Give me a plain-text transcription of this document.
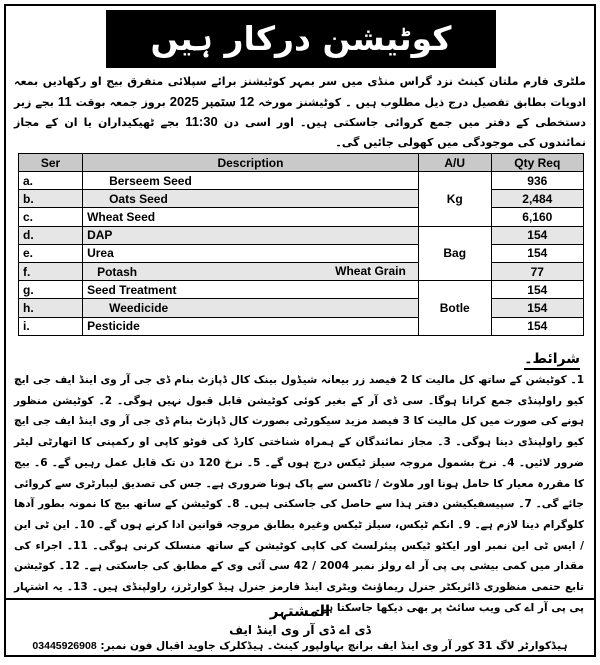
کوٹیشن درکار ہیں
ملٹری فارم ملتان کینٹ نزد گراس منڈی میں سر بمہر کوٹیشنز برائے سپلائی متفرق بیج او رکھادیں بمعہ ادویات بطابق تفصیل درج ذیل مطلوب ہیں ۔ کوٹیشنز مورخہ 12 ستمبر 2025 بروز جمعہ بوقت 11 بجے زیر دستخطی کے دفتر میں جمع کروائی جاسکتی ہیں۔ اور اسی دن 11:30 بجے ٹھیکیداران یا ان کے مجاز نمائندوں کی موجودگی میں کھولی جائیں گی۔
Ser	Description	A/U	Qty Req
a.	Berseem Seed	Kg	936
b.	Oats Seed		2,484
c.	Wheat Seed		6,160
d.	DAP	Bag	154
e.	Urea		154
f.	Potash Wheat Grain		77
g.	Seed Treatment	Botle	154
h.	Weedicide		154
i.	Pesticide		154
شرائط۔
1۔ کوٹیشن کے ساتھ کل مالیت کا 2 فیصد زر بیعانہ شیڈول بینک کال ڈپازٹ بنام ڈی جی آر وی اینڈ ایف جی ایچ کیو راولپنڈی جمع کرانا ہوگا۔ سی ڈی آر کے بغیر کوئی کوٹیشن قابل قبول نہیں ہوگی۔ 2۔ کوٹیشن منظور ہونے کی صورت میں کل مالیت کا 3 فیصد مزید سیکورٹی بصورت کال ڈپازٹ بنام ڈی جی آر وی اینڈ ایف جی ایچ کیو راولپنڈی دینا ہوگی۔ 3۔ مجاز نمائندگان کے ہمراہ شناختی کارڈ کی فوٹو کاپی او رکمپنی کا اتھارٹی لیٹر ضرور لائیں۔ 4۔ نرخ بشمول مروجہ سیلز ٹیکس درج ہوں گے۔ 5۔ نرخ 120 دن تک قابل عمل رہیں گے۔ 6۔ بیج کا مقررہ معیار کا حامل ہونا اور ملاوٹ / ٹاکسن سے پاک ہونا ضروری ہے۔ جس کی تصدیق لیبارٹری سے کروائی جائے گی۔ 7۔ سپیسفیکیشن دفتر ہذا سے حاصل کی جاسکتی ہیں۔ 8۔ کوٹیشن کے ساتھ بیج کا نمونہ بطور آدھا کلوگرام دینا لازم ہے۔ 9۔ انکم ٹیکس، سیلز ٹیکس وغیرہ بطابق مروجہ قوانین ادا کرنے ہوں گے۔ 10۔ این ٹی این / ایس ٹی این نمبر اور ایکٹو ٹیکس پیئرلسٹ کی کاپی کوٹیشن کے ساتھ منسلک کرنی ہوگی۔ 11۔ اجراء کی مقدار میں کمی بیشی پی پی آر اے رولز نمبر 2004 / 42 سی آئی وی کے مطابق کی جاسکتی ہے۔ 12۔ کوٹیشن تابع حتمی منظوری ڈائریکٹر جنرل ریماؤنٹ ویٹری اینڈ فارمز جنرل ہیڈ کوارٹرز، راولپنڈی ہیں۔ 13۔ یہ اشتہار پی پی آر اے کی ویب سائٹ پر بھی دیکھا جاسکتا ہے۔
المشتہر
ڈی اے ڈی آر وی اینڈ ایف
ہیڈکوارٹر لاگ 31 کور آر وی اینڈ ایف برانچ بہاولپور کینٹ۔ ہیڈکلرک جاوید اقبال فون نمبر: 03445926908
